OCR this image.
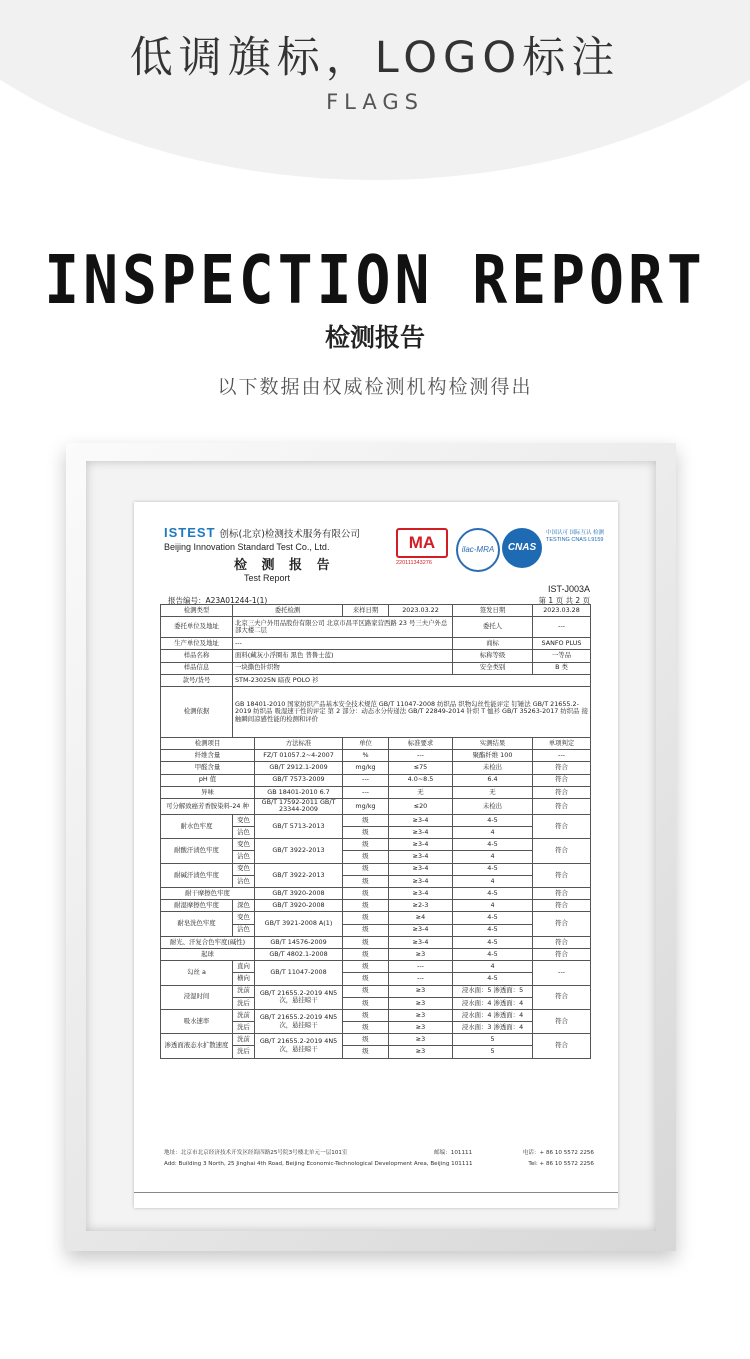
低调旗标，LOGO标注
FLAGS
INSPECTION REPORT
检测报告
以下数据由权威检测机构检测得出
ISTEST 创标(北京)检测技术服务有限公司
Beijing Innovation Standard Test Co., Ltd.
检 测 报 告
Test Report
MA
220111343276
ilac-MRA	CNAS
中国认可 国际互认 检测 TESTING CNAS L9159
IST-J003A
报告编号：A23A01244-1(1)	第 1 页 共 2 页
检测类型	委托检测		来样日期	2023.03.22	签发日期	2023.03.28
委托单位及地址	北京三夫户外用品股份有限公司 北京市昌平区路家营西路 23 号三夫户外总部大楼二层				委托人	---
生产单位及地址	---				商标	SANFO PLUS
样品名称	面料(藏灰小浮圈布 黑色 普鲁士蓝)				标称等级	一等品
样品信息	一块撕色针织物				安全类别	B 类
款号/货号	STM-23025N 暗夜 POLO 衫					
检测依据	GB 18401-2010 国家纺织产品基本安全技术规范 GB/T 11047-2008 纺织品 织物勾丝性能评定 钉锤法 GB/T 21655.2-2019 纺织品 吸湿速干性的评定 第 2 部分：动态水分传递法 GB/T 22849-2014 针织 T 恤衫 GB/T 35263-2017 纺织品 接触瞬间凉感性能的检测和评价					
检测项目		方法标准	单位	标准要求	实测结果	单项判定
纤维含量		FZ/T 01057.2~4-2007	%	---	聚酯纤维 100	---
甲醛含量		GB/T 2912.1-2009	mg/kg	≤75	未检出	符合
pH 值		GB/T 7573-2009	---	4.0~8.5	6.4	符合
异味		GB 18401-2010 6.7	---	无	无	符合
可分解致癌芳香胺染料-24 种		GB/T 17592-2011 GB/T 23344-2009	mg/kg	≤20	未检出	符合
耐水色牢度	变色	GB/T 5713-2013	级	≥3-4	4-5	符合
	沾色		级	≥3-4	4	
耐酸汗渍色牢度	变色	GB/T 3922-2013	级	≥3-4	4-5	符合
	沾色		级	≥3-4	4	
耐碱汗渍色牢度	变色	GB/T 3922-2013	级	≥3-4	4-5	符合
	沾色		级	≥3-4	4	
耐干摩擦色牢度		GB/T 3920-2008	级	≥3-4	4-5	符合
耐湿摩擦色牢度	深色	GB/T 3920-2008	级	≥2-3	4	符合
耐皂洗色牢度	变色	GB/T 3921-2008 A(1)	级	≥4	4-5	符合
	沾色		级	≥3-4	4-5	
耐光、汗复合色牢度(碱性)		GB/T 14576-2009	级	≥3-4	4-5	符合
起球		GB/T 4802.1-2008	级	≥3	4-5	符合
勾丝 a	直向	GB/T 11047-2008	级	---	4	---
	横向		级	---	4-5	
浸湿时间	洗前	GB/T 21655.2-2019 4N5 次，悬挂晾干	级	≥3	浸水面：5 渗透面：5	符合
	洗后		级	≥3	浸水面：4 渗透面：4	
吸水速率	洗前	GB/T 21655.2-2019 4N5 次，悬挂晾干	级	≥3	浸水面：4 渗透面：4	符合
	洗后		级	≥3	浸水面：3 渗透面：4	
渗透面液态水扩散速度	洗前	GB/T 21655.2-2019 4N5 次，悬挂晾干	级	≥3	5	符合
	洗后		级	≥3	5	
地址：北京市北京经济技术开发区经海四路25号院3号楼北单元一层101室	邮编：101111	电话：+ 86 10 5572 2256
Add: Building 3 North, 25 Jinghai 4th Road, Beijing Economic-Technological Development Area, Beijing 101111	Tel: + 86 10 5572 2256
